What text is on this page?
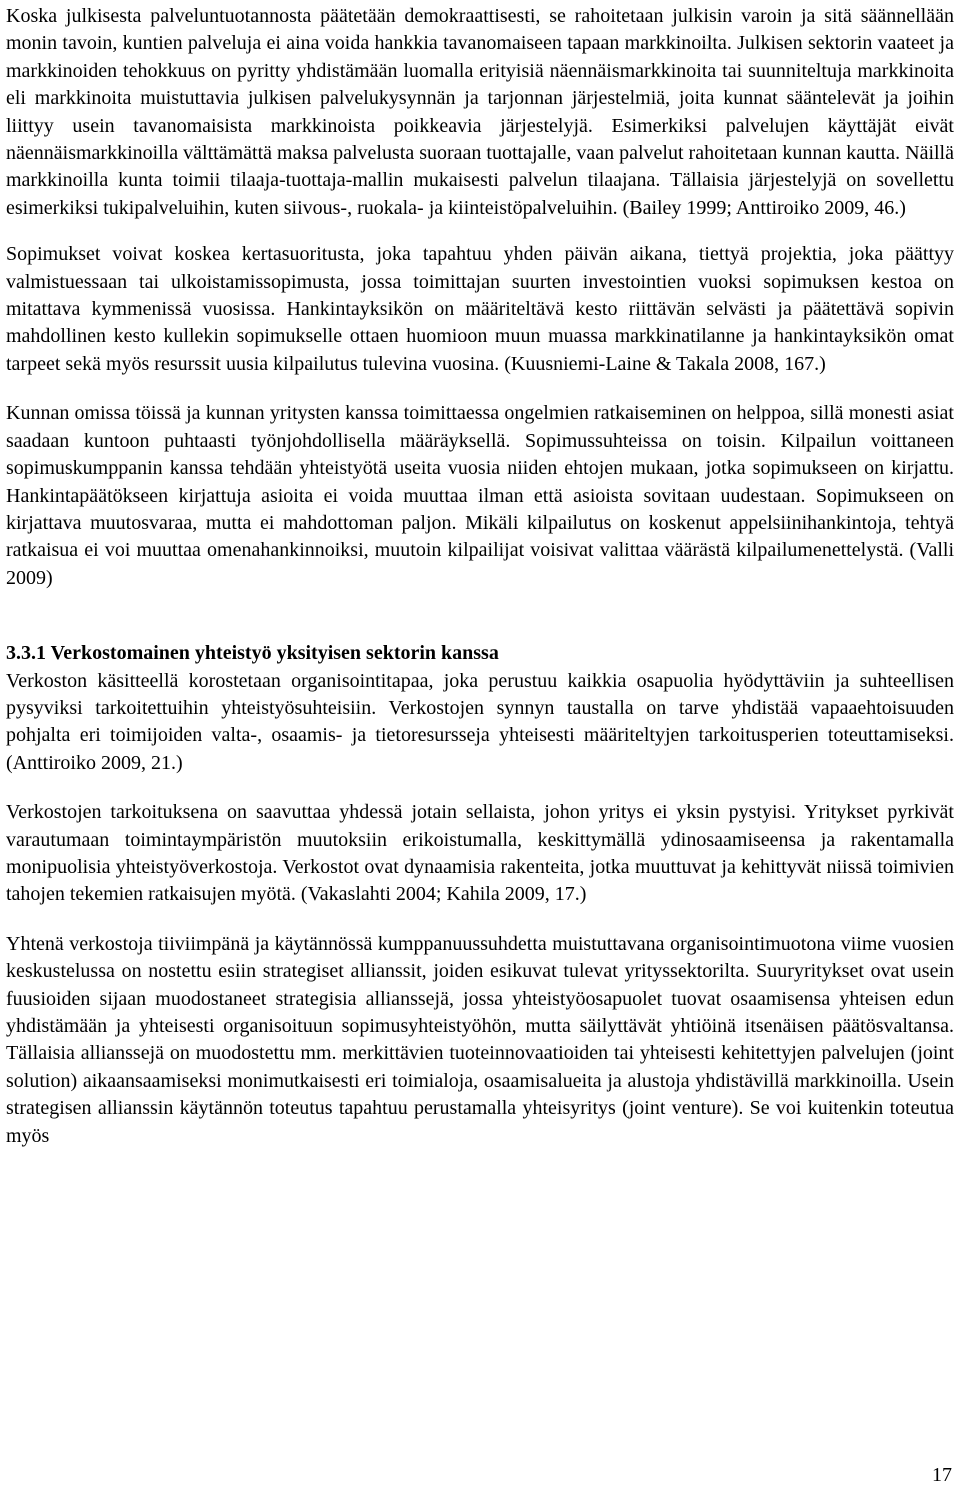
Koska julkisesta palveluntuotannosta päätetään demokraattisesti, se rahoitetaan julkisin varoin ja sitä säännellään monin tavoin, kuntien palveluja ei aina voida hankkia tavanomaiseen tapaan markkinoilta. Julkisen sektorin vaateet ja markkinoiden tehokkuus on pyritty yhdistämään luomalla erityisiä näennäismarkkinoita tai suunniteltuja markkinoita eli markkinoita muistuttavia julkisen palvelukysynnän ja tarjonnan järjestelmiä, joita kunnat sääntelevät ja joihin liittyy usein tavanomaisista markkinoista poikkeavia järjestelyjä. Esimerkiksi palvelujen käyttäjät eivät näennäismarkkinoilla välttämättä maksa palvelusta suoraan tuottajalle, vaan palvelut rahoitetaan kunnan kautta. Näillä markkinoilla kunta toimii tilaaja-tuottaja-mallin mukaisesti palvelun tilaajana. Tällaisia järjestelyjä on sovellettu esimerkiksi tukipalveluihin, kuten siivous-, ruokala- ja kiinteistöpalveluihin. (Bailey 1999; Anttiroiko 2009, 46.)

Sopimukset voivat koskea kertasuoritusta, joka tapahtuu yhden päivän aikana, tiettyä projektia, joka päättyy valmistuessaan tai ulkoistamissopimusta, jossa toimittajan suurten investointien vuoksi sopimuksen kestoa on mitattava kymmenissä vuosissa. Hankintayksikön on määriteltävä kesto riittävän selvästi ja päätettävä sopivin mahdollinen kesto kullekin sopimukselle ottaen huomioon muun muassa markkinatilanne ja hankintayksikön omat tarpeet sekä myös resurssit uusia kilpailutus tulevina vuosina. (Kuusniemi-Laine & Takala 2008, 167.)

Kunnan omissa töissä ja kunnan yritysten kanssa toimittaessa ongelmien ratkaiseminen on helppoa, sillä monesti asiat saadaan kuntoon puhtaasti työnjohdollisella määräyksellä. Sopimussuhteissa on toisin. Kilpailun voittaneen sopimuskumppanin kanssa tehdään yhteistyötä useita vuosia niiden ehtojen mukaan, jotka sopimukseen on kirjattu. Hankintapäätökseen kirjattuja asioita ei voida muuttaa ilman että asioista sovitaan uudestaan. Sopimukseen on kirjattava muutosvaraa, mutta ei mahdottoman paljon. Mikäli kilpailutus on koskenut appelsiinihankintoja, tehtyä ratkaisua ei voi muuttaa omenahankinnoiksi, muutoin kilpailijat voisivat valittaa väärästä kilpailumenettelystä. (Valli 2009)

3.3.1 Verkostomainen yhteistyö yksityisen sektorin kanssa

Verkoston käsitteellä korostetaan organisointitapaa, joka perustuu kaikkia osapuolia hyödyttäviin ja suhteellisen pysyviksi tarkoitettuihin yhteistyösuhteisiin. Verkostojen synnyn taustalla on tarve yhdistää vapaaehtoisuuden pohjalta eri toimijoiden valta-, osaamis- ja tietoresursseja yhteisesti määriteltyjen tarkoitusperien toteuttamiseksi. (Anttiroiko 2009, 21.)

Verkostojen tarkoituksena on saavuttaa yhdessä jotain sellaista, johon yritys ei yksin pystyisi. Yritykset pyrkivät varautumaan toimintaympäristön muutoksiin erikoistumalla, keskittymällä ydinosaamiseensa ja rakentamalla monipuolisia yhteistyöverkostoja. Verkostot ovat dynaamisia rakenteita, jotka muuttuvat ja kehittyvät niissä toimivien tahojen tekemien ratkaisujen myötä. (Vakaslahti 2004; Kahila 2009, 17.)

Yhtenä verkostoja tiiviimpänä ja käytännössä kumppanuussuhdetta muistuttavana organisointimuotona viime vuosien keskustelussa on nostettu esiin strategiset allianssit, joiden esikuvat tulevat yrityssektorilta. Suuryritykset ovat usein fuusioiden sijaan muodostaneet strategisia allianssejä, jossa yhteistyöosapuolet tuovat osaamisensa yhteisen edun yhdistämään ja yhteisesti organisoituun sopimusyhteistyöhön, mutta säilyttävät yhtiöinä itsenäisen päätösvaltansa. Tällaisia allianssejä on muodostettu mm. merkittävien tuoteinnovaatioiden tai yhteisesti kehitettyjen palvelujen (joint solution) aikaansaamiseksi monimutkaisesti eri toimialoja, osaamisalueita ja alustoja yhdistävillä markkinoilla. Usein strategisen allianssin käytännön toteutus tapahtuu perustamalla yhteisyritys (joint venture). Se voi kuitenkin toteutua myös

17
